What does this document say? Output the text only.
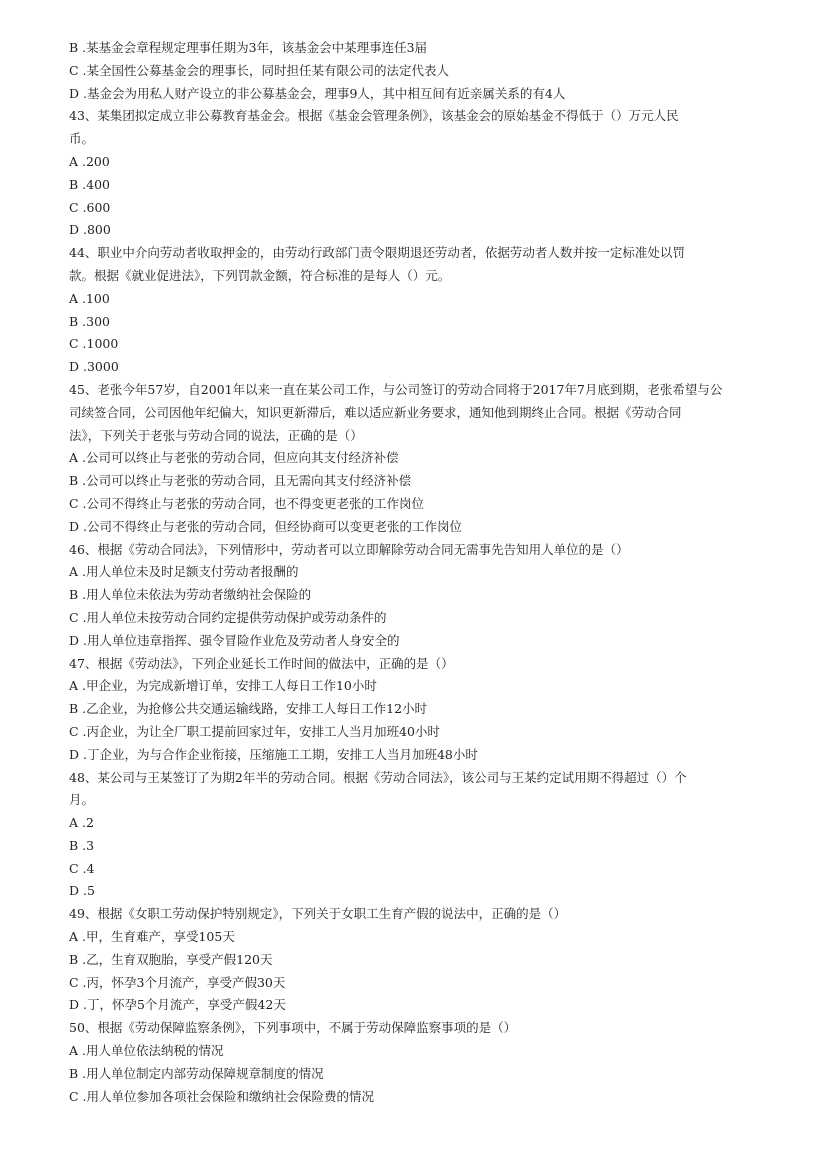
B .某基金会章程规定理事任期为3年，该基金会中某理事连任3届
C .某全国性公募基金会的理事长，同时担任某有限公司的法定代表人
D .基金会为用私人财产设立的非公募基金会，理事9人，其中相互间有近亲属关系的有4人
43、某集团拟定成立非公募教育基金会。根据《基金会管理条例》，该基金会的原始基金不得低于（）万元人民
币。
A .200
B .400
C .600
D .800
44、职业中介向劳动者收取押金的，由劳动行政部门责令限期退还劳动者，依据劳动者人数并按一定标准处以罚
款。根据《就业促进法》，下列罚款金额，符合标准的是每人（）元。
A .100
B .300
C .1000
D .3000
45、老张今年57岁，自2001年以来一直在某公司工作，与公司签订的劳动合同将于2017年7月底到期，老张希望与公
司续签合同，公司因他年纪偏大，知识更新滞后，难以适应新业务要求，通知他到期终止合同。根据《劳动合同
法》，下列关于老张与劳动合同的说法，正确的是（）
A .公司可以终止与老张的劳动合同，但应向其支付经济补偿
B .公司可以终止与老张的劳动合同，且无需向其支付经济补偿
C .公司不得终止与老张的劳动合同，也不得变更老张的工作岗位
D .公司不得终止与老张的劳动合同，但经协商可以变更老张的工作岗位
46、根据《劳动合同法》，下列情形中，劳动者可以立即解除劳动合同无需事先告知用人单位的是（）
A .用人单位未及时足额支付劳动者报酬的
B .用人单位未依法为劳动者缴纳社会保险的
C .用人单位未按劳动合同约定提供劳动保护或劳动条件的
D .用人单位违章指挥、强令冒险作业危及劳动者人身安全的
47、根据《劳动法》，下列企业延长工作时间的做法中，正确的是（）
A .甲企业，为完成新增订单，安排工人每日工作10小时
B .乙企业，为抢修公共交通运输线路，安排工人每日工作12小时
C .丙企业，为让全厂职工提前回家过年，安排工人当月加班40小时
D .丁企业，为与合作企业衔接，压缩施工工期，安排工人当月加班48小时
48、某公司与王某签订了为期2年半的劳动合同。根据《劳动合同法》，该公司与王某约定试用期不得超过（）个
月。
A .2
B .3
C .4
D .5
49、根据《女职工劳动保护特别规定》，下列关于女职工生育产假的说法中，正确的是（）
A .甲，生育难产，享受105天
B .乙，生育双胞胎，享受产假120天
C .丙，怀孕3个月流产，享受产假30天
D .丁，怀孕5个月流产，享受产假42天
50、根据《劳动保障监察条例》，下列事项中，不属于劳动保障监察事项的是（）
A .用人单位依法纳税的情况
B .用人单位制定内部劳动保障规章制度的情况
C .用人单位参加各项社会保险和缴纳社会保险费的情况
